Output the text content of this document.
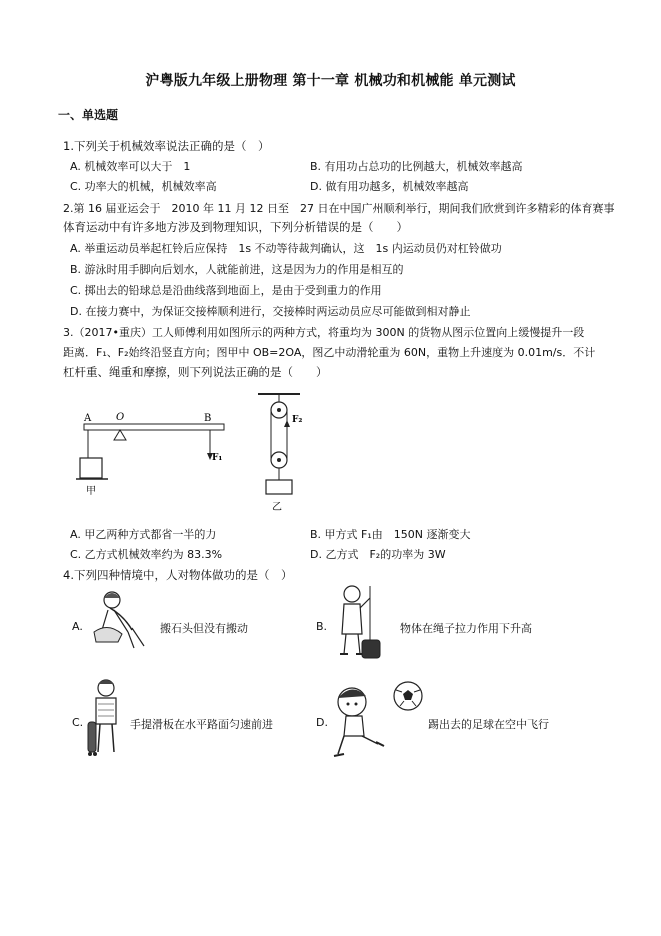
沪粤版九年级上册物理 第十一章 机械功和机械能 单元测试
一、单选题
1.下列关于机械效率说法正确的是（　）
A. 机械效率可以大于　1	B. 有用功占总功的比例越大，机械效率越高
C. 功率大的机械，机械效率高	D. 做有用功越多，机械效率越高
2.第 16 届亚运会于　2010 年 11 月 12 日至　27 日在中国广州顺利举行，期间我们欣赏到许多精彩的体育赛事
体育运动中有许多地方涉及到物理知识，下列分析错误的是（　　）
A. 举重运动员举起杠铃后应保持　1s 不动等待裁判确认，这　1s 内运动员仍对杠铃做功
B. 游泳时用手脚向后划水，人就能前进，这是因为力的作用是相互的
C. 掷出去的铅球总是沿曲线落到地面上，是由于受到重力的作用
D. 在接力赛中，为保证交接棒顺利进行，交接棒时两运动员应尽可能做到相对静止
3.（2017•重庆）工人师傅利用如图所示的两种方式，将重均为 300N 的货物从图示位置向上缓慢提升一段
距离．F₁、F₂始终沿竖直方向；图甲中 OB=2OA，图乙中动滑轮重为 60N，重物上升速度为 0.01m/s．不计
杠杆重、绳重和摩擦，则下列说法正确的是（　　）
A O	B
F₁
甲
F₂
乙
A. 甲乙两种方式都省一半的力	B. 甲方式 F₁由　150N 逐渐变大
C. 乙方式机械效率约为 83.3%	D. 乙方式　F₂的功率为 3W
4.下列四种情境中，人对物体做功的是（　）
A.	搬石头但没有搬动	B.	物体在绳子拉力作用下升高
C.	手提滑板在水平路面匀速前进	D.	踢出去的足球在空中飞行
